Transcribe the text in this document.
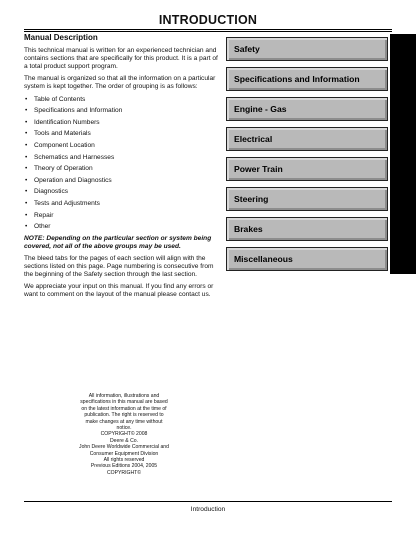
INTRODUCTION
Manual Description

This technical manual is written for an experienced technician and contains sections that are specifically for this product. It is a part of a total product support program.

The manual is organized so that all the information on a particular system is kept together. The order of grouping is as follows:

• Table of Contents
• Specifications and Information
• Identification Numbers
• Tools and Materials
• Component Location
• Schematics and Harnesses
• Theory of Operation
• Operation and Diagnostics
• Diagnostics
• Tests and Adjustments
• Repair
• Other

NOTE: Depending on the particular section or system being covered, not all of the above groups may be used.

The bleed tabs for the pages of each section will align with the sections listed on this page. Page numbering is consecutive from the beginning of the Safety section through the last section.

We appreciate your input on this manual. If you find any errors or want to comment on the layout of the manual please contact us.

All information, illustrations and
specifications in this manual are based
on the latest information at the time of
publication. The right is reserved to
make changes at any time without
notice.
COPYRIGHT© 2008
Deere & Co.
John Deere Worldwide Commercial and
Consumer Equipment Division
All rights reserved
Previous Editions 2004, 2005
COPYRIGHT©
Safety
Specifications and Information
Engine - Gas
Electrical
Power Train
Steering
Brakes
Miscellaneous
Introduction
